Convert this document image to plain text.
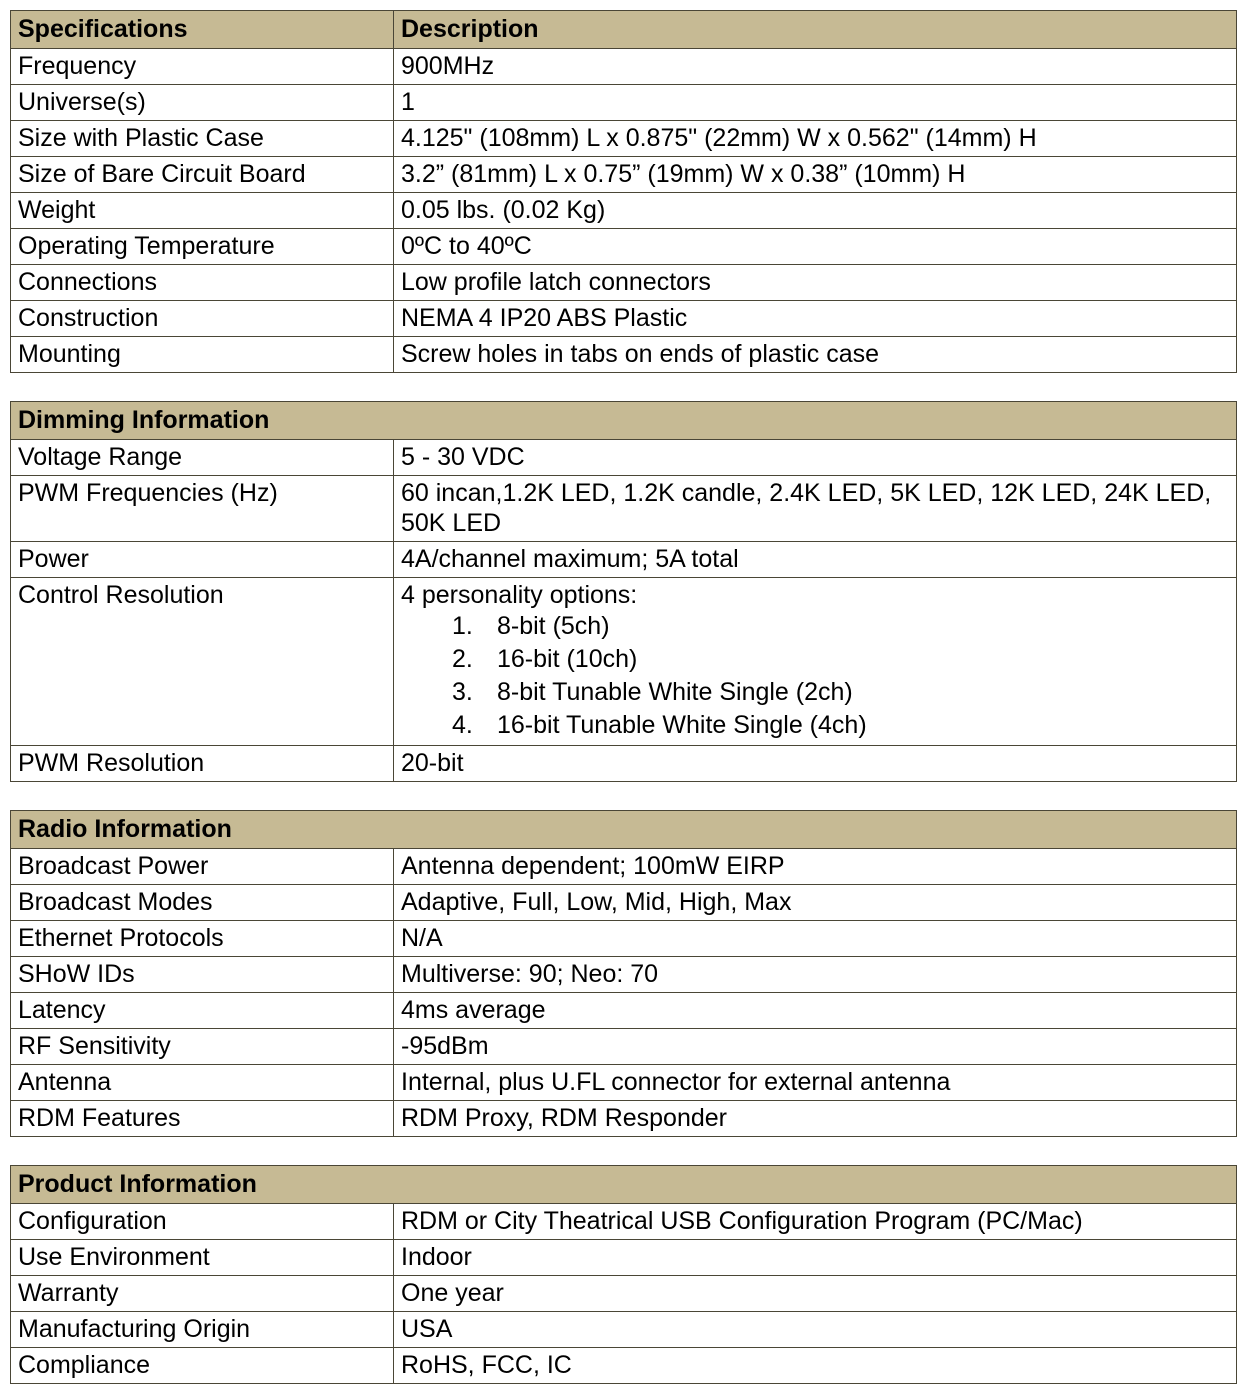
Specifications	Description
Frequency	900MHz
Universe(s)	1
Size with Plastic Case	4.125" (108mm) L x 0.875" (22mm) W x 0.562" (14mm) H
Size of Bare Circuit Board	3.2” (81mm) L x 0.75” (19mm) W x 0.38” (10mm) H
Weight	0.05 lbs. (0.02 Kg)
Operating Temperature	0ºC to 40ºC
Connections	Low profile latch connectors
Construction	NEMA 4 IP20 ABS Plastic
Mounting	Screw holes in tabs on ends of plastic case
Dimming Information	
Voltage Range	5 - 30 VDC
PWM Frequencies (Hz)	60 incan,1.2K LED, 1.2K candle, 2.4K LED, 5K LED, 12K LED, 24K LED, 50K LED
Power	4A/channel maximum; 5A total
Control Resolution	4 personality options:
8-bit (5ch)
16-bit (10ch)
8-bit Tunable White Single (2ch)
16-bit Tunable White Single (4ch)

PWM Resolution	20-bit
Radio Information	
Broadcast Power	Antenna dependent; 100mW EIRP
Broadcast Modes	Adaptive, Full, Low, Mid, High, Max
Ethernet Protocols	N/A
SHoW IDs	Multiverse: 90; Neo: 70
Latency	4ms average
RF Sensitivity	-95dBm
Antenna	Internal, plus U.FL connector for external antenna
RDM Features	RDM Proxy, RDM Responder
Product Information	
Configuration	RDM or City Theatrical USB Configuration Program (PC/Mac)
Use Environment	Indoor
Warranty	One year
Manufacturing Origin	USA
Compliance	RoHS, FCC, IC
